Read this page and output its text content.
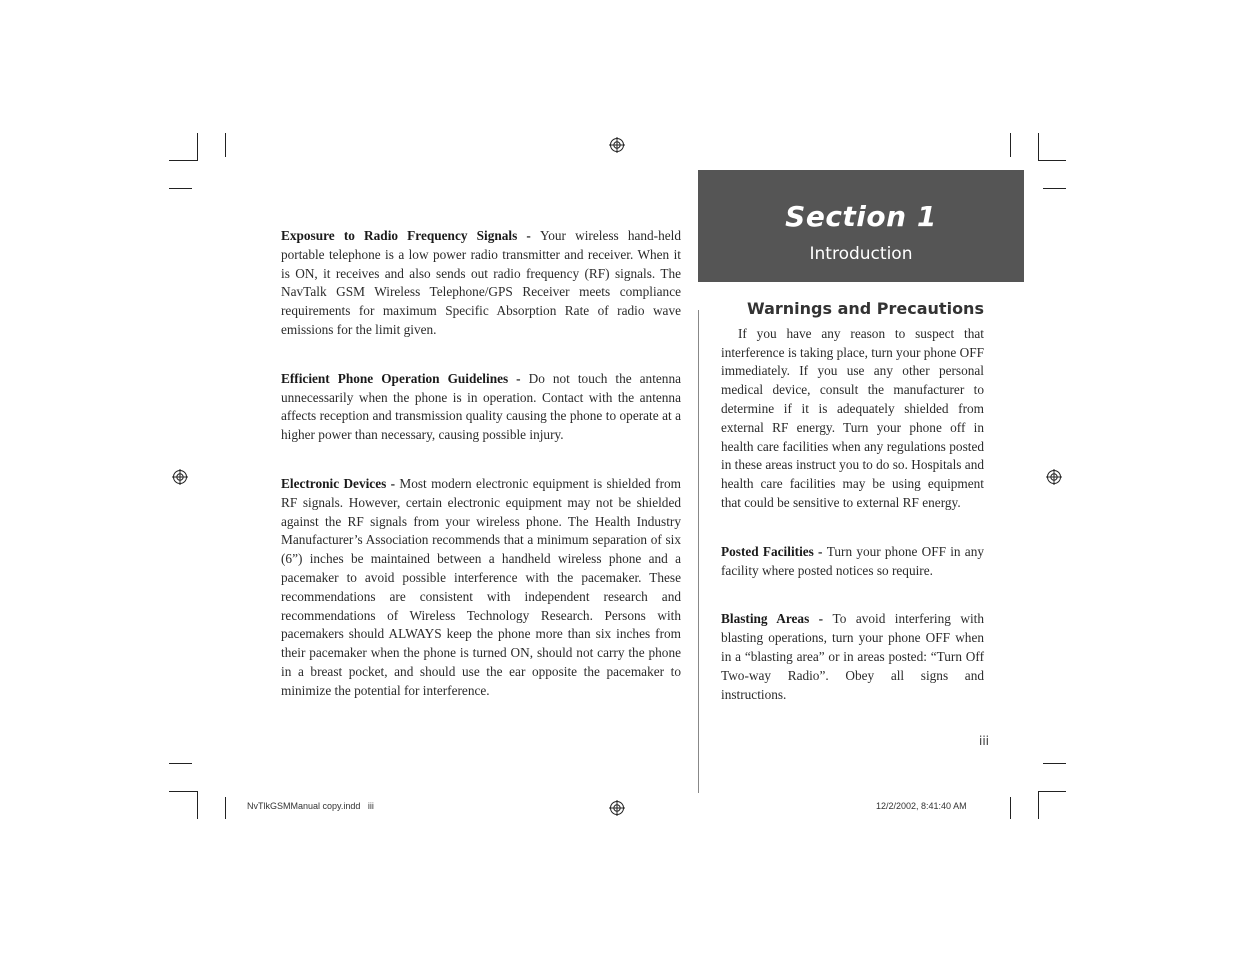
Exposure to Radio Frequency Signals - Your wireless hand-held portable telephone is a low power radio transmitter and receiver. When it is ON, it receives and also sends out radio frequency (RF) signals. The NavTalk GSM Wireless Telephone/GPS Receiver meets compliance requirements for maximum Specific Absorption Rate of radio wave emissions for the limit given.

Efficient Phone Operation Guidelines - Do not touch the antenna unnecessarily when the phone is in operation. Contact with the antenna affects reception and transmission quality causing the phone to operate at a higher power than necessary, causing possible injury.

Electronic Devices - Most modern electronic equipment is shielded from RF signals. However, certain electronic equipment may not be shielded against the RF signals from your wireless phone. The Health Industry Manufacturer’s Association recommends that a minimum separation of six (6”) inches be maintained between a handheld wireless phone and a pacemaker to avoid possible interference with the pacemaker. These recommendations are consistent with independent research and recommendations of Wireless Technology Research. Persons with pacemakers should ALWAYS keep the phone more than six inches from their pacemaker when the phone is turned ON, should not carry the phone in a breast pocket, and should use the ear opposite the pacemaker to minimize the potential for interference.

Section 1
Introduction
Warnings and Precautions

If you have any reason to suspect that interference is taking place, turn your phone OFF immediately. If you use any other personal medical device, consult the manufacturer to determine if it is adequately shielded from external RF energy. Turn your phone off in health care facilities when any regulations posted in these areas instruct you to do so. Hospitals and health care facilities may be using equipment that could be sensitive to external RF energy.

Posted Facilities - Turn your phone OFF in any facility where posted notices so require.

Blasting Areas - To avoid interfering with blasting operations, turn your phone OFF when in a “blasting area” or in areas posted: “Turn Off Two-way Radio”. Obey all signs and instructions.

iii
NvTlkGSMManual copy.indd   iii	12/2/2002, 8:41:40 AM
